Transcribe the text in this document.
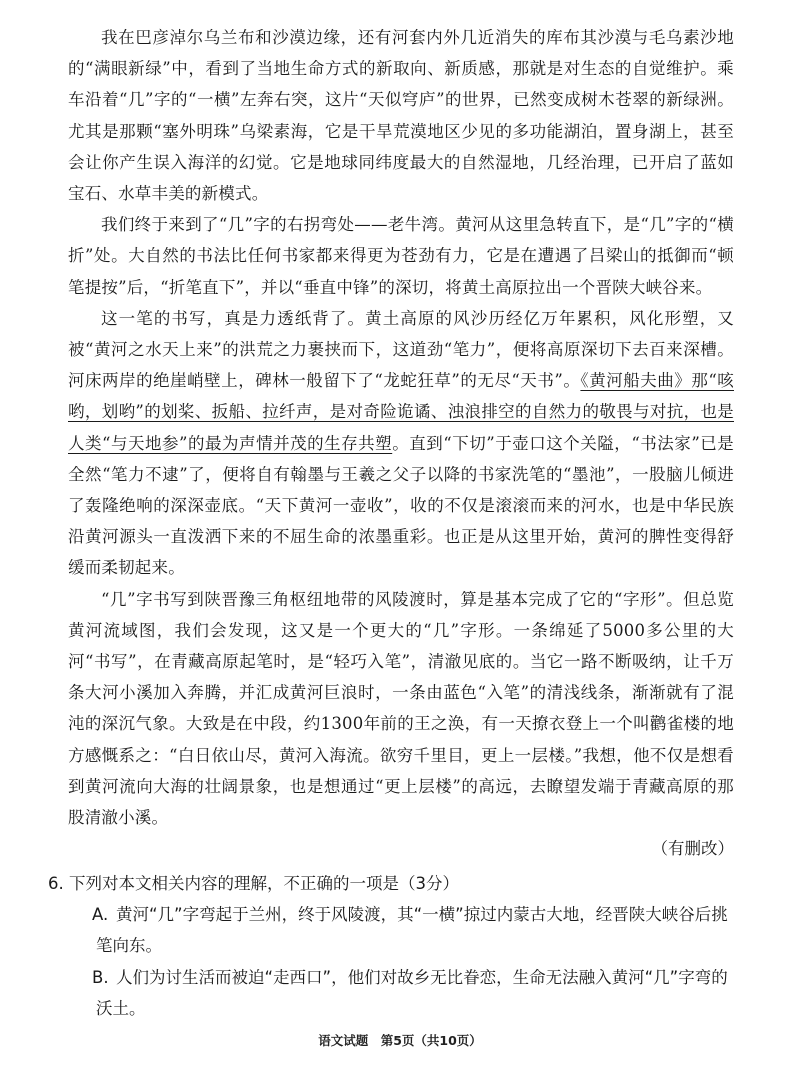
我在巴彦淖尔乌兰布和沙漠边缘，还有河套内外几近消失的库布其沙漠与毛乌素沙地的“满眼新绿”中，看到了当地生命方式的新取向、新质感，那就是对生态的自觉维护。乘车沿着“几”字的“一横”左奔右突，这片“天似穹庐”的世界，已然变成树木苍翠的新绿洲。尤其是那颗“塞外明珠”乌梁素海，它是干旱荒漠地区少见的多功能湖泊，置身湖上，甚至会让你产生误入海洋的幻觉。它是地球同纬度最大的自然湿地，几经治理，已开启了蓝如宝石、水草丰美的新模式。

我们终于来到了“几”字的右拐弯处——老牛湾。黄河从这里急转直下，是“几”字的“横折”处。大自然的书法比任何书家都来得更为苍劲有力，它是在遭遇了吕梁山的抵御而“顿笔提按”后，“折笔直下”，并以“垂直中锋”的深切，将黄土高原拉出一个晋陕大峡谷来。

这一笔的书写，真是力透纸背了。黄土高原的风沙历经亿万年累积，风化形塑，又被“黄河之水天上来”的洪荒之力裹挟而下，这道劲“笔力”，便将高原深切下去百来深槽。河床两岸的绝崖峭壁上，碑林一般留下了“龙蛇狂草”的无尽“天书”。《黄河船夫曲》那“咳哟，划哟”的划桨、扳船、拉纤声，是对奇险诡谲、浊浪排空的自然力的敬畏与对抗，也是人类“与天地参”的最为声情并茂的生存共塑。直到“下切”于壶口这个关隘，“书法家”已是全然“笔力不逮”了，便将自有翰墨与王羲之父子以降的书家洗笔的“墨池”，一股脑儿倾进了轰隆绝响的深深壶底。“天下黄河一壶收”，收的不仅是滚滚而来的河水，也是中华民族沿黄河源头一直泼洒下来的不屈生命的浓墨重彩。也正是从这里开始，黄河的脾性变得舒缓而柔韧起来。

“几”字书写到陕晋豫三角枢纽地带的风陵渡时，算是基本完成了它的“字形”。但总览黄河流域图，我们会发现，这又是一个更大的“几”字形。一条绵延了5000多公里的大河“书写”，在青藏高原起笔时，是“轻巧入笔”，清澈见底的。当它一路不断吸纳，让千万条大河小溪加入奔腾，并汇成黄河巨浪时，一条由蓝色“入笔”的清浅线条，渐渐就有了混沌的深沉气象。大致是在中段，约1300年前的王之涣，有一天撩衣登上一个叫鹳雀楼的地方感慨系之：“白日依山尽，黄河入海流。欲穷千里目，更上一层楼。”我想，他不仅是想看到黄河流向大海的壮阔景象，也是想通过“更上层楼”的高远，去瞭望发端于青藏高原的那股清澈小溪。

（有删改）

6. 下列对本文相关内容的理解，不正确的一项是（3分）

A. 黄河“几”字弯起于兰州，终于风陵渡，其“一横”掠过内蒙古大地，经晋陕大峡谷后挑笔向东。

B. 人们为讨生活而被迫“走西口”，他们对故乡无比眷恋，生命无法融入黄河“几”字弯的沃土。

语文试题　第5页（共10页）
